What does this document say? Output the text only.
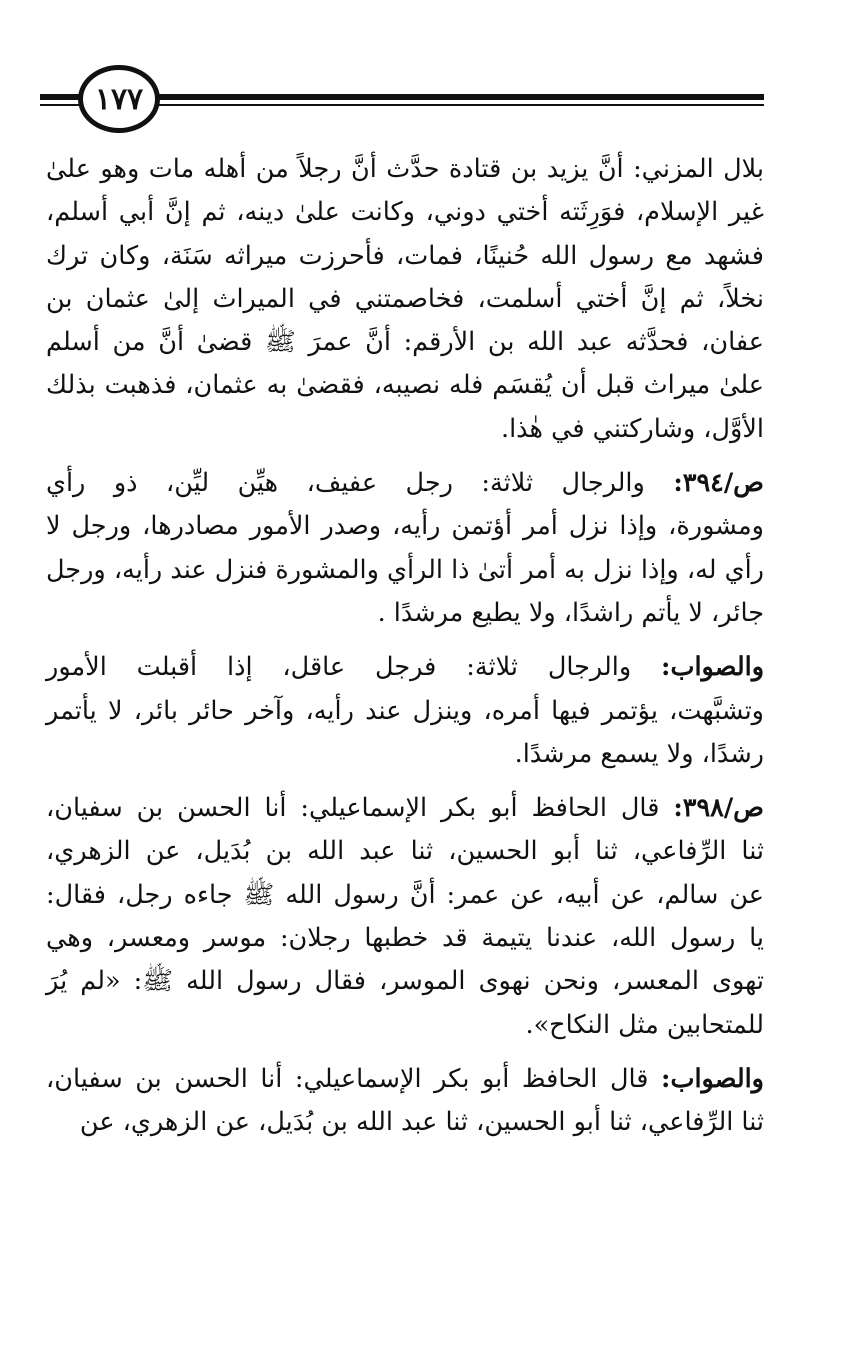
١٧٧
بلال المزني: أنَّ يزيد بن قتادة حدَّث أنَّ رجلاً من أهله مات وهو علىٰ
غير الإسلام، فوَرِثَته أختي دوني، وكانت علىٰ دينه، ثم إنَّ أبي أسلم،
فشهد مع رسول الله حُنينًا، فمات، فأحرزت ميراثه سَنَة، وكان ترك
نخلاً، ثم إنَّ أختي أسلمت، فخاصمتني في الميراث إلىٰ عثمان بن
عفان، فحدَّثه عبد الله بن الأرقم: أنَّ عمرَ ﷺ قضىٰ أنَّ من أسلم
علىٰ ميراث قبل أن يُقسَم فله نصيبه، فقضىٰ به عثمان، فذهبت بذلك
الأوَّل، وشاركتني في هٰذا.
ص/٣٩٤: والرجال ثلاثة: رجل عفيف، هيِّن ليِّن، ذو رأي
ومشورة، وإذا نزل أمر أؤتمن رأيه، وصدر الأمور مصادرها، ورجل لا
رأي له، وإذا نزل به أمر أتىٰ ذا الرأي والمشورة فنزل عند رأيه، ورجل
جائر، لا يأتم راشدًا، ولا يطيع مرشدًا .
والصواب: والرجال ثلاثة: فرجل عاقل، إذا أقبلت الأمور
وتشبَّهت، يؤتمر فيها أمره، وينزل عند رأيه، وآخر حائر بائر، لا يأتمر
رشدًا، ولا يسمع مرشدًا.
ص/٣٩٨: قال الحافظ أبو بكر الإسماعيلي: أنا الحسن بن سفيان،
ثنا الرِّفاعي، ثنا أبو الحسين، ثنا عبد الله بن بُدَيل، عن الزهري،
عن سالم، عن أبيه، عن عمر: أنَّ رسول الله ﷺ جاءه رجل، فقال:
يا رسول الله، عندنا يتيمة قد خطبها رجلان: موسر ومعسر، وهي
تهوى المعسر، ونحن نهوى الموسر، فقال رسول الله ﷺ: «لم يُرَ
للمتحابين مثل النكاح».
والصواب: قال الحافظ أبو بكر الإسماعيلي: أنا الحسن بن سفيان،
ثنا الرِّفاعي، ثنا أبو الحسين، ثنا عبد الله بن بُدَيل، عن الزهري، عن
